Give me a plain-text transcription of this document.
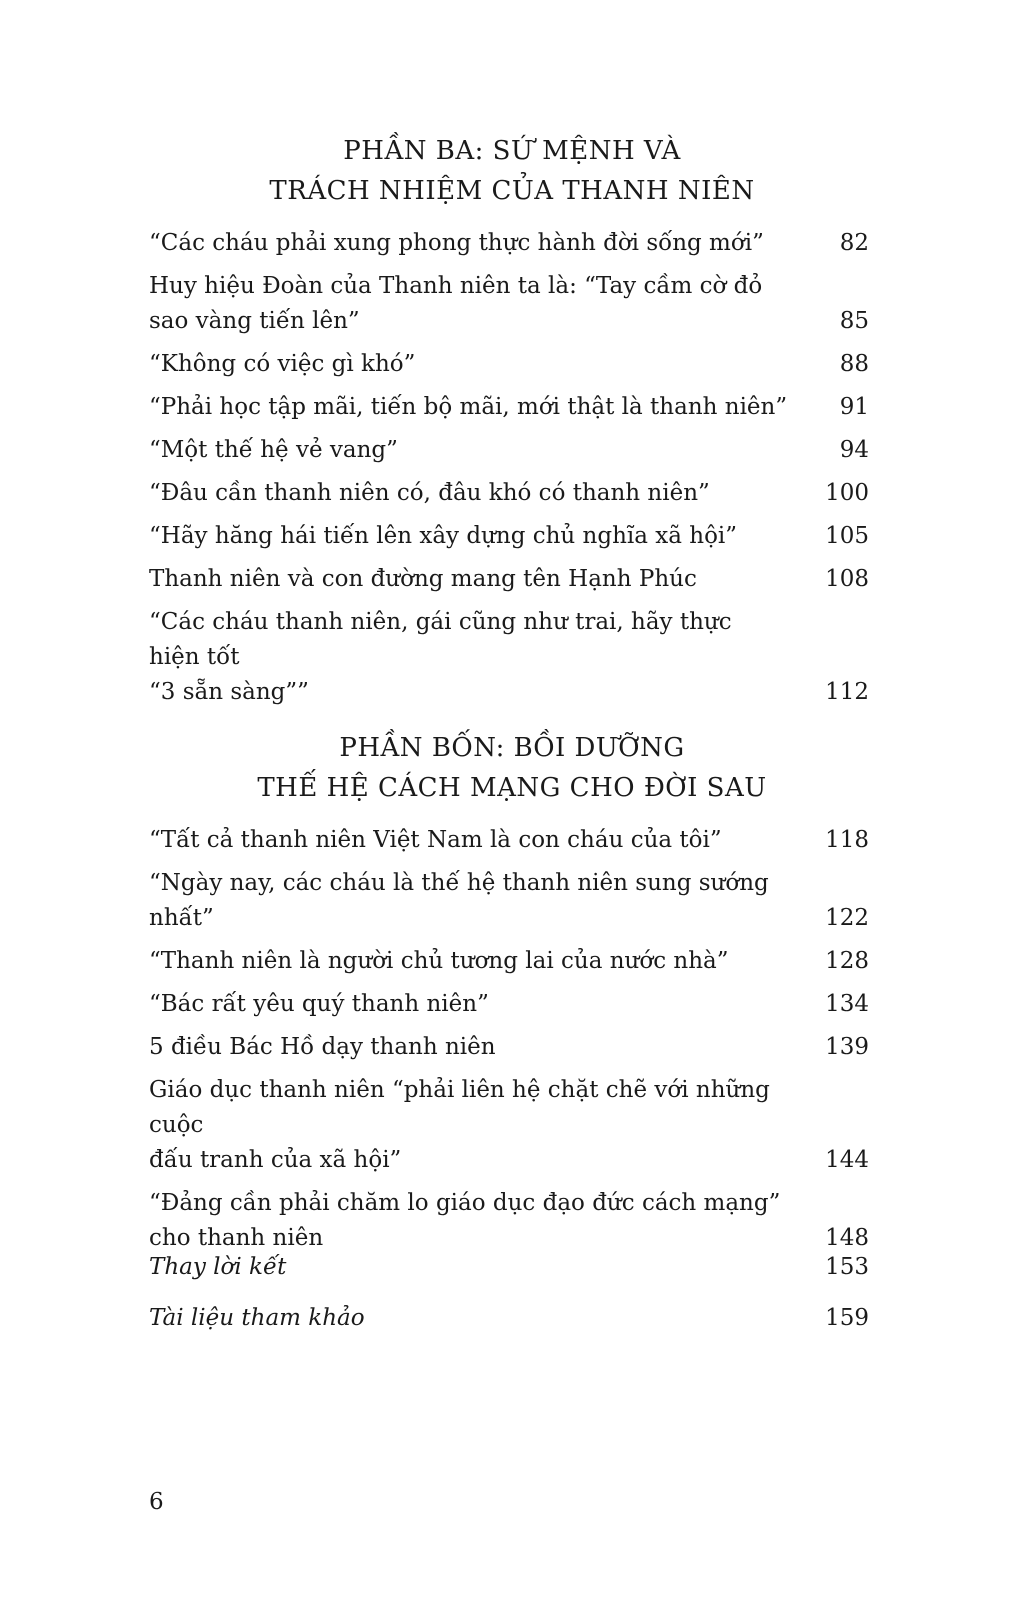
PHẦN BA: SỨ MỆNH VÀ
TRÁCH NHIỆM CỦA THANH NIÊN
“Các cháu phải xung phong thực hành đời sống mới”	82
Huy hiệu Đoàn của Thanh niên ta là: “Tay cầm cờ đỏ
sao vàng tiến lên”	85
“Không có việc gì khó”	88
“Phải học tập mãi, tiến bộ mãi, mới thật là thanh niên” 91
“Một thế hệ vẻ vang”	94
“Đâu cần thanh niên có, đâu khó có thanh niên”	100
“Hãy hăng hái tiến lên xây dựng chủ nghĩa xã hội”	105
Thanh niên và con đường mang tên Hạnh Phúc	108
“Các cháu thanh niên, gái cũng như trai, hãy thực hiện tốt
“3 sẵn sàng””	112
PHẦN BỐN: BỒI DƯỠNG
THẾ HỆ CÁCH MẠNG CHO ĐỜI SAU
“Tất cả thanh niên Việt Nam là con cháu của tôi”	118
“Ngày nay, các cháu là thế hệ thanh niên sung sướng nhất”	122
“Thanh niên là người chủ tương lai của nước nhà”	128
“Bác rất yêu quý thanh niên”	134
5 điều Bác Hồ dạy thanh niên	139
Giáo dục thanh niên “phải liên hệ chặt chẽ với những cuộc
đấu tranh của xã hội”	144
“Đảng cần phải chăm lo giáo dục đạo đức cách mạng”
cho thanh niên	148
Thay lời kết	153
Tài liệu tham khảo	159
6
